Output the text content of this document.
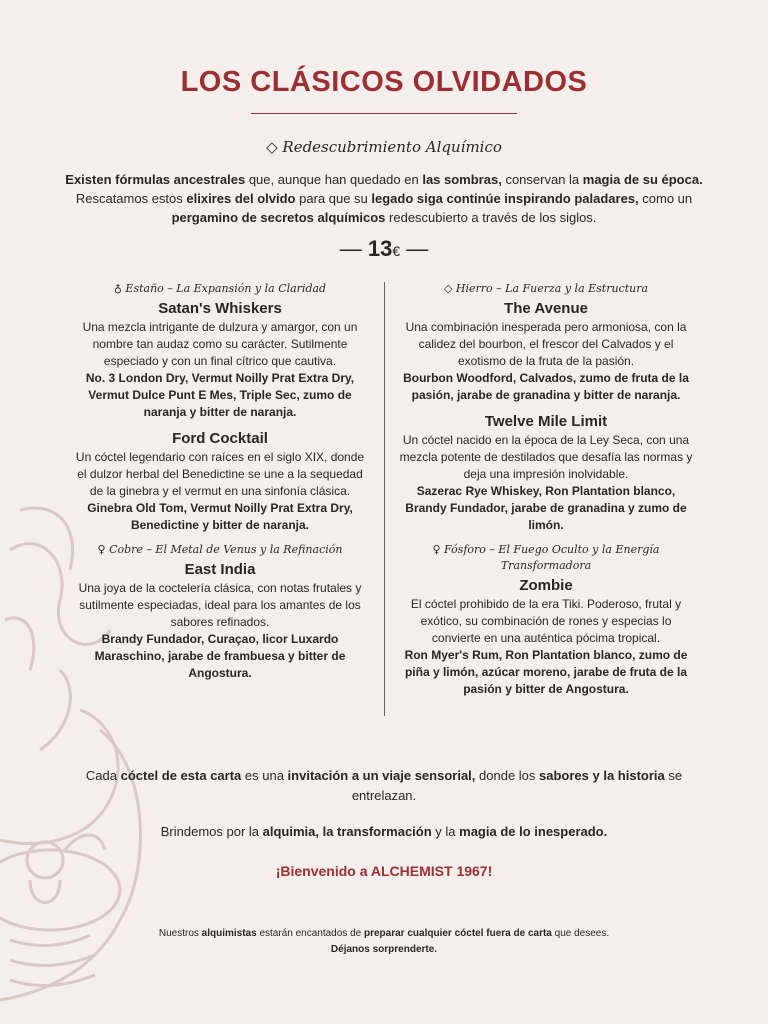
LOS CLÁSICOS OLVIDADOS
◇ Redescubrimiento Alquímico
Existen fórmulas ancestrales que, aunque han quedado en las sombras, conservan la magia de su época. Rescatamos estos elixires del olvido para que su legado siga continúe inspirando paladares, como un pergamino de secretos alquímicos redescubierto a través de los siglos.
— 13€ —

♁ Estaño – La Expansión y la Claridad

Satan's Whiskers

Una mezcla intrigante de dulzura y amargor, con un nombre tan audaz como su carácter. Sutilmente especiado y con un final cítrico que cautiva.

No. 3 London Dry, Vermut Noilly Prat Extra Dry, Vermut Dulce Punt E Mes, Triple Sec, zumo de naranja y bitter de naranja.

Ford Cocktail

Un cóctel legendario con raíces en el siglo XIX, donde el dulzor herbal del Benedictine se une a la sequedad de la ginebra y el vermut en una sinfonía clásica.

Ginebra Old Tom, Vermut Noilly Prat Extra Dry, Benedictine y bitter de naranja.

♀ Cobre – El Metal de Venus y la Refinación

East India

Una joya de la coctelería clásica, con notas frutales y sutilmente especiadas, ideal para los amantes de los sabores refinados.

Brandy Fundador, Curaçao, licor Luxardo Maraschino, jarabe de frambuesa y bitter de Angostura.

◇ Hierro – La Fuerza y la Estructura

The Avenue

Una combinación inesperada pero armoniosa, con la calidez del bourbon, el frescor del Calvados y el exotismo de la fruta de la pasión.

Bourbon Woodford, Calvados, zumo de fruta de la pasión, jarabe de granadina y bitter de naranja.

Twelve Mile Limit

Un cóctel nacido en la época de la Ley Seca, con una mezcla potente de destilados que desafía las normas y deja una impresión inolvidable.

Sazerac Rye Whiskey, Ron Plantation blanco, Brandy Fundador, jarabe de granadina y zumo de limón.

♀ Fósforo – El Fuego Oculto y la Energía Transformadora

Zombie

El cóctel prohibido de la era Tiki. Poderoso, frutal y exótico, su combinación de rones y especias lo convierte en una auténtica pócima tropical.

Ron Myer's Rum, Ron Plantation blanco, zumo de piña y limón, azúcar moreno, jarabe de fruta de la pasión y bitter de Angostura.

Cada cóctel de esta carta es una invitación a un viaje sensorial, donde los sabores y la historia se entrelazan.
Brindemos por la alquimia, la transformación y la magia de lo inesperado.
¡Bienvenido a ALCHEMIST 1967!
Nuestros alquimistas estarán encantados de preparar cualquier cóctel fuera de carta que desees.
Déjanos sorprenderte.
